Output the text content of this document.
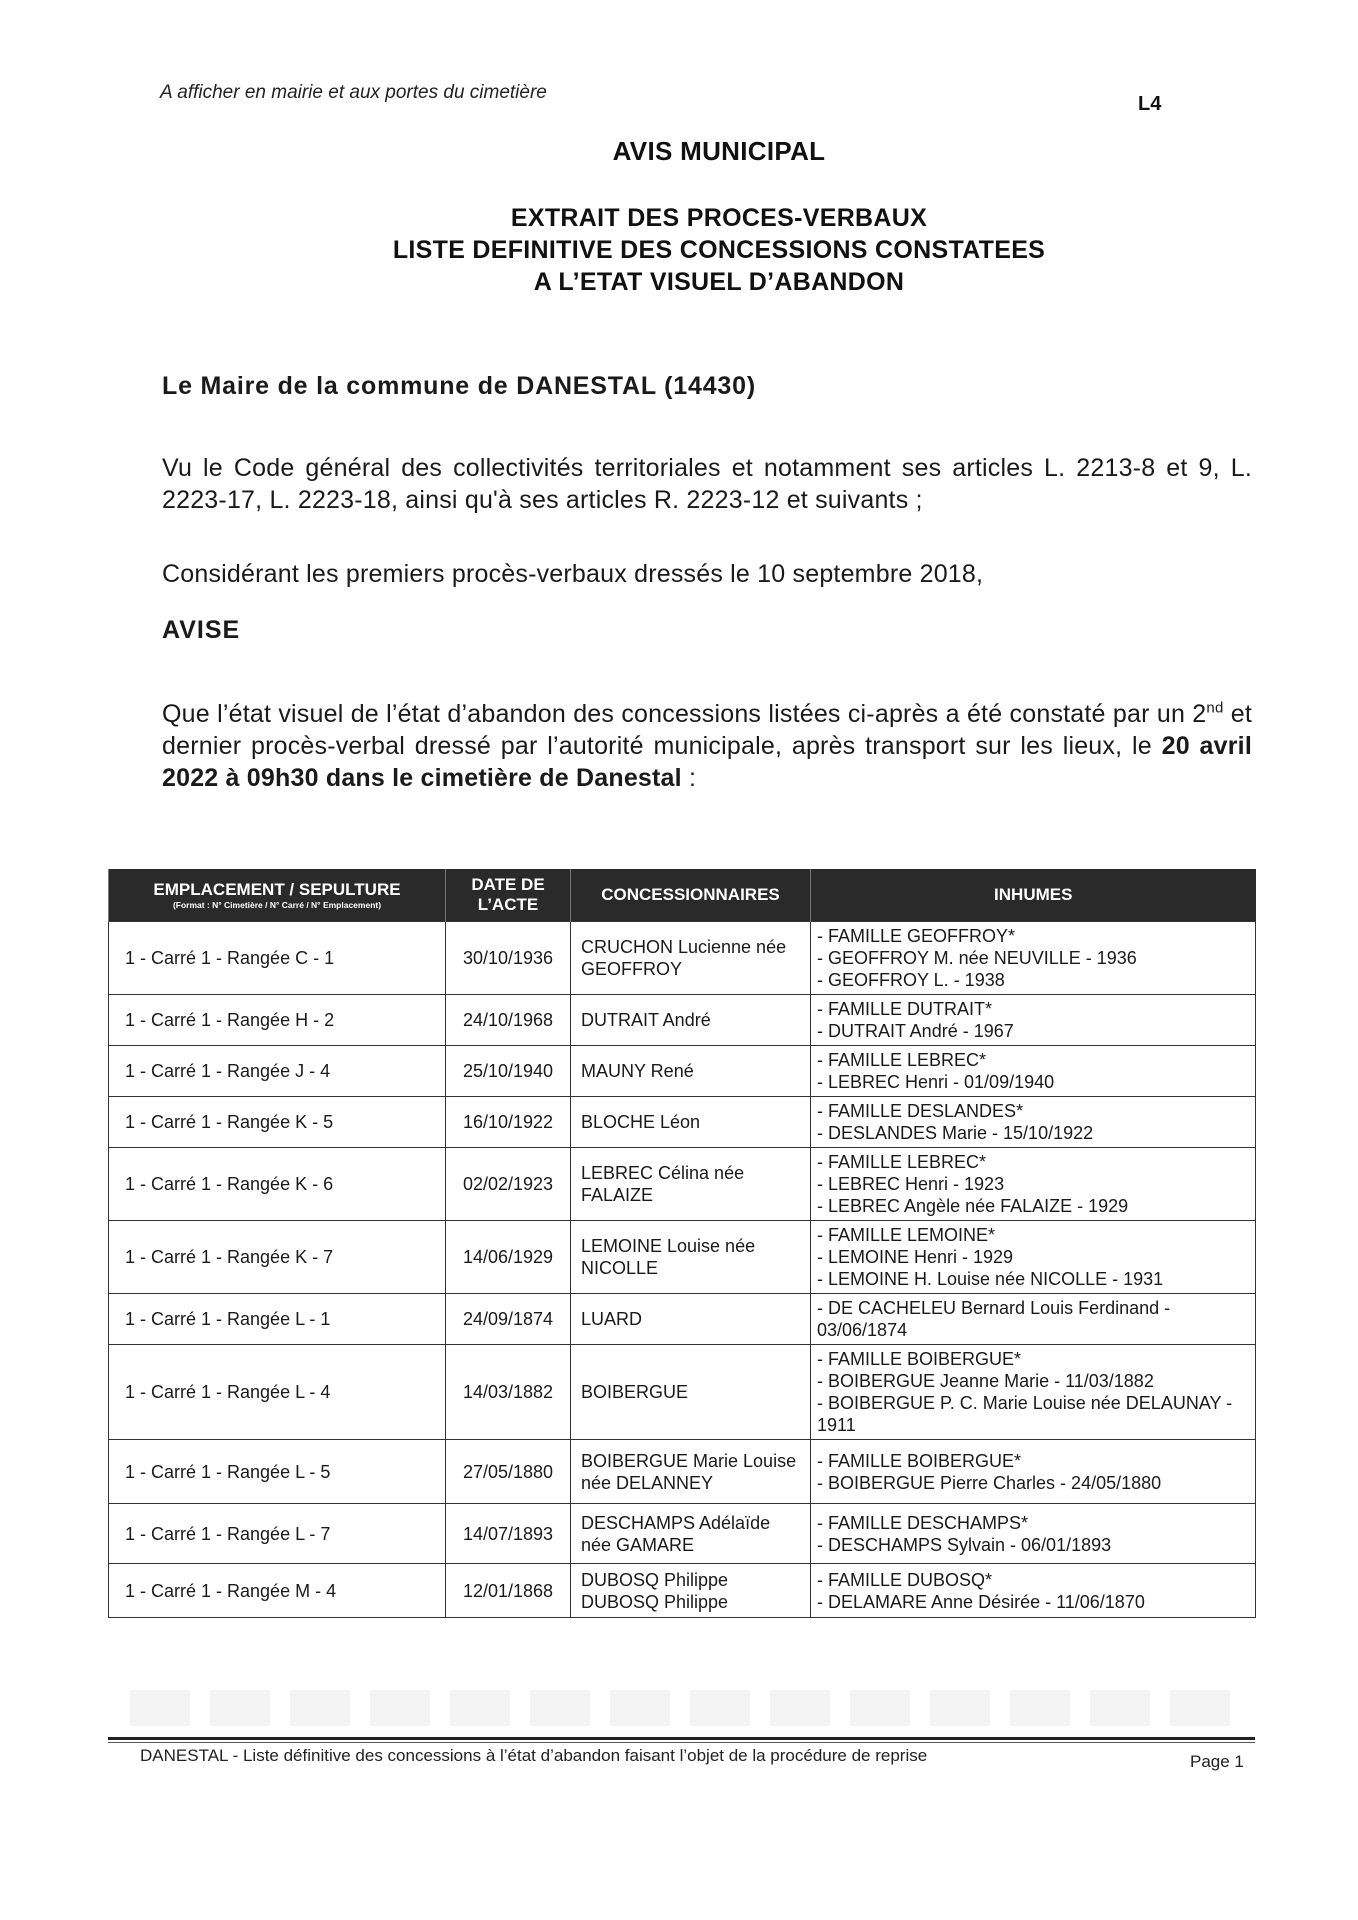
A afficher en mairie et aux portes du cimetière
L4
AVIS MUNICIPAL
EXTRAIT DES PROCES-VERBAUX
LISTE DEFINITIVE DES CONCESSIONS CONSTATEES
A L’ETAT VISUEL D’ABANDON
Le Maire de la commune de DANESTAL (14430)
Vu le Code général des collectivités territoriales et notamment ses articles L. 2213-8 et 9, L. 2223-17, L. 2223-18, ainsi qu'à ses articles R. 2223-12 et suivants ;
Considérant les premiers procès-verbaux dressés le 10 septembre 2018,
AVISE
Que l’état visuel de l’état d’abandon des concessions listées ci-après a été constaté par un 2nd et dernier procès-verbal dressé par l’autorité municipale, après transport sur les lieux, le 20 avril 2022 à 09h30 dans le cimetière de Danestal :
EMPLACEMENT / SEPULTURE
(Format : N° Cimetière / N° Carré / N° Emplacement)	DATE DE L’ACTE	CONCESSIONNAIRES	INHUMES
1 - Carré 1 - Rangée C - 1	30/10/1936	CRUCHON Lucienne née GEOFFROY	- FAMILLE GEOFFROY*
- GEOFFROY M. née NEUVILLE - 1936
- GEOFFROY L. - 1938

1 - Carré 1 - Rangée H - 2	24/10/1968	DUTRAIT André	- FAMILLE DUTRAIT*
- DUTRAIT André - 1967

1 - Carré 1 - Rangée J - 4	25/10/1940	MAUNY René	- FAMILLE LEBREC*
- LEBREC Henri - 01/09/1940

1 - Carré 1 - Rangée K - 5	16/10/1922	BLOCHE Léon	- FAMILLE DESLANDES*
- DESLANDES Marie - 15/10/1922

1 - Carré 1 - Rangée K - 6	02/02/1923	LEBREC Célina née FALAIZE	- FAMILLE LEBREC*
- LEBREC Henri - 1923
- LEBREC Angèle née FALAIZE - 1929

1 - Carré 1 - Rangée K - 7	14/06/1929	LEMOINE Louise née NICOLLE	- FAMILLE LEMOINE*
- LEMOINE Henri - 1929
- LEMOINE H. Louise née NICOLLE - 1931

1 - Carré 1 - Rangée L - 1	24/09/1874	LUARD	- DE CACHELEU Bernard Louis Ferdinand - 03/06/1874

1 - Carré 1 - Rangée L - 4	14/03/1882	BOIBERGUE	- FAMILLE BOIBERGUE*
- BOIBERGUE Jeanne Marie - 11/03/1882
- BOIBERGUE P. C. Marie Louise née DELAUNAY - 1911

1 - Carré 1 - Rangée L - 5	27/05/1880	BOIBERGUE Marie Louise née DELANNEY	- FAMILLE BOIBERGUE*
- BOIBERGUE Pierre Charles - 24/05/1880

1 - Carré 1 - Rangée L - 7	14/07/1893	DESCHAMPS Adélaïde née GAMARE	- FAMILLE DESCHAMPS*
- DESCHAMPS Sylvain - 06/01/1893

1 - Carré 1 - Rangée M - 4	12/01/1868	DUBOSQ Philippe DUBOSQ Philippe	- FAMILLE DUBOSQ*
- DELAMARE Anne Désirée - 11/06/1870
DANESTAL - Liste définitive des concessions à l’état d’abandon faisant l’objet de la procédure de reprise	Page 1
